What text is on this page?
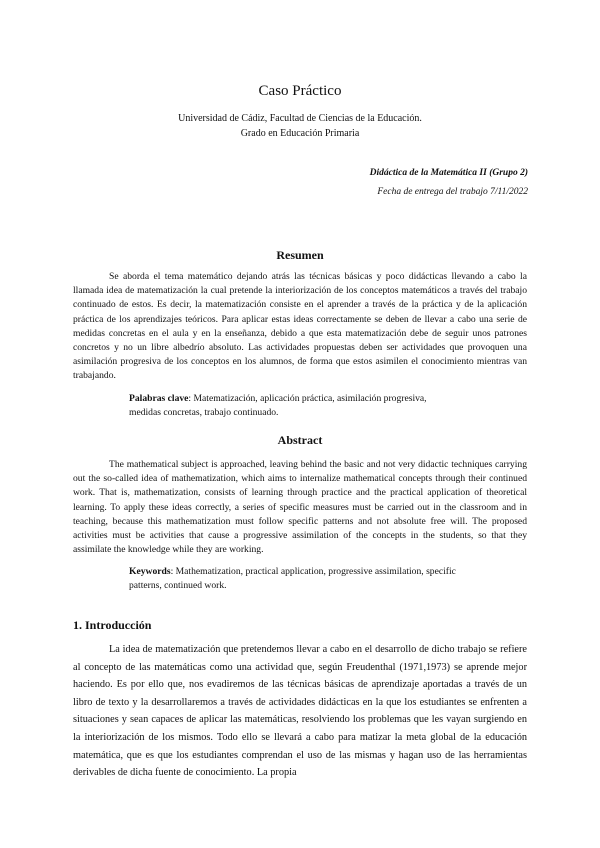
Caso Práctico
Universidad de Cádiz, Facultad de Ciencias de la Educación.
Grado en Educación Primaria
Didáctica de la Matemática II (Grupo 2)
Fecha de entrega del trabajo 7/11/2022
Resumen

Se aborda el tema matemático dejando atrás las técnicas básicas y poco didácticas llevando a cabo la llamada idea de matematización la cual pretende la interiorización de los conceptos matemáticos a través del trabajo continuado de estos. Es decir, la matematización consiste en el aprender a través de la práctica y de la aplicación práctica de los aprendizajes teóricos. Para aplicar estas ideas correctamente se deben de llevar a cabo una serie de medidas concretas en el aula y en la enseñanza, debido a que esta matematización debe de seguir unos patrones concretos y no un libre albedrío absoluto. Las actividades propuestas deben ser actividades que provoquen una asimilación progresiva de los conceptos en los alumnos, de forma que estos asimilen el conocimiento mientras van trabajando.

Palabras clave: Matematización, aplicación práctica, asimilación progresiva, medidas concretas, trabajo continuado.

Abstract

The mathematical subject is approached, leaving behind the basic and not very didactic techniques carrying out the so-called idea of mathematization, which aims to internalize mathematical concepts through their continued work. That is, mathematization, consists of learning through practice and the practical application of theoretical learning. To apply these ideas correctly, a series of specific measures must be carried out in the classroom and in teaching, because this mathematization must follow specific patterns and not absolute free will. The proposed activities must be activities that cause a progressive assimilation of the concepts in the students, so that they assimilate the knowledge while they are working.

Keywords: Mathematization, practical application, progressive assimilation, specific patterns, continued work.

1. Introducción

La idea de matematización que pretendemos llevar a cabo en el desarrollo de dicho trabajo se refiere al concepto de las matemáticas como una actividad que, según Freudenthal (1971,1973) se aprende mejor haciendo. Es por ello que, nos evadiremos de las técnicas básicas de aprendizaje aportadas a través de un libro de texto y la desarrollaremos a través de actividades didácticas en la que los estudiantes se enfrenten a situaciones y sean capaces de aplicar las matemáticas, resolviendo los problemas que les vayan surgiendo en la interiorización de los mismos. Todo ello se llevará a cabo para matizar la meta global de la educación matemática, que es que los estudiantes comprendan el uso de las mismas y hagan uso de las herramientas derivables de dicha fuente de conocimiento. La propia
